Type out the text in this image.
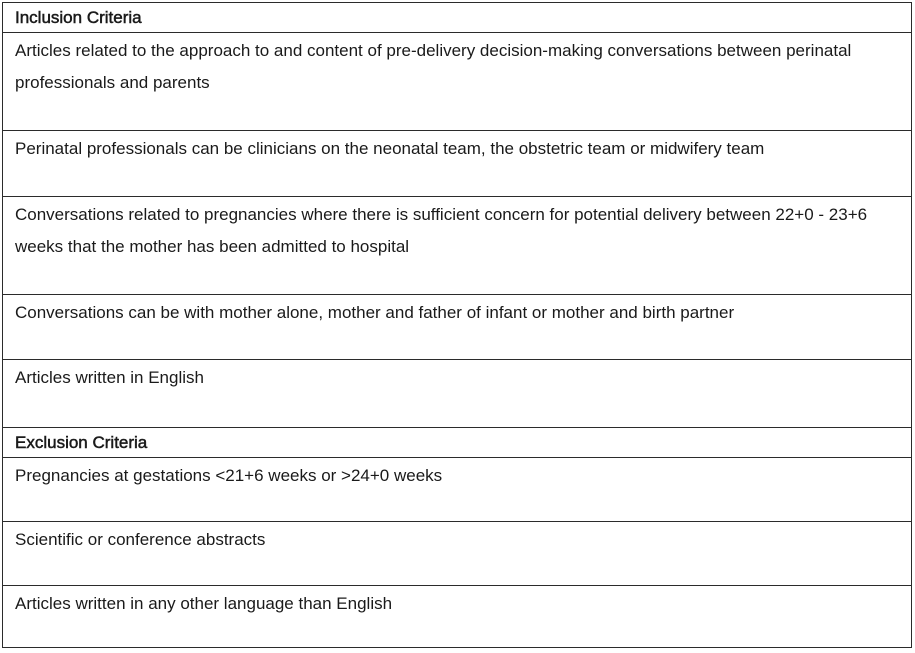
Inclusion Criteria
Articles related to the approach to and content of pre-delivery decision-making conversations between perinatal professionals and parents
Perinatal professionals can be clinicians on the neonatal team, the obstetric team or midwifery team
Conversations related to pregnancies where there is sufficient concern for potential delivery between 22+0 - 23+6 weeks that the mother has been admitted to hospital
Conversations can be with mother alone, mother and father of infant or mother and birth partner
Articles written in English
Exclusion Criteria
Pregnancies at gestations <21+6 weeks or >24+0 weeks
Scientific or conference abstracts
Articles written in any other language than English
